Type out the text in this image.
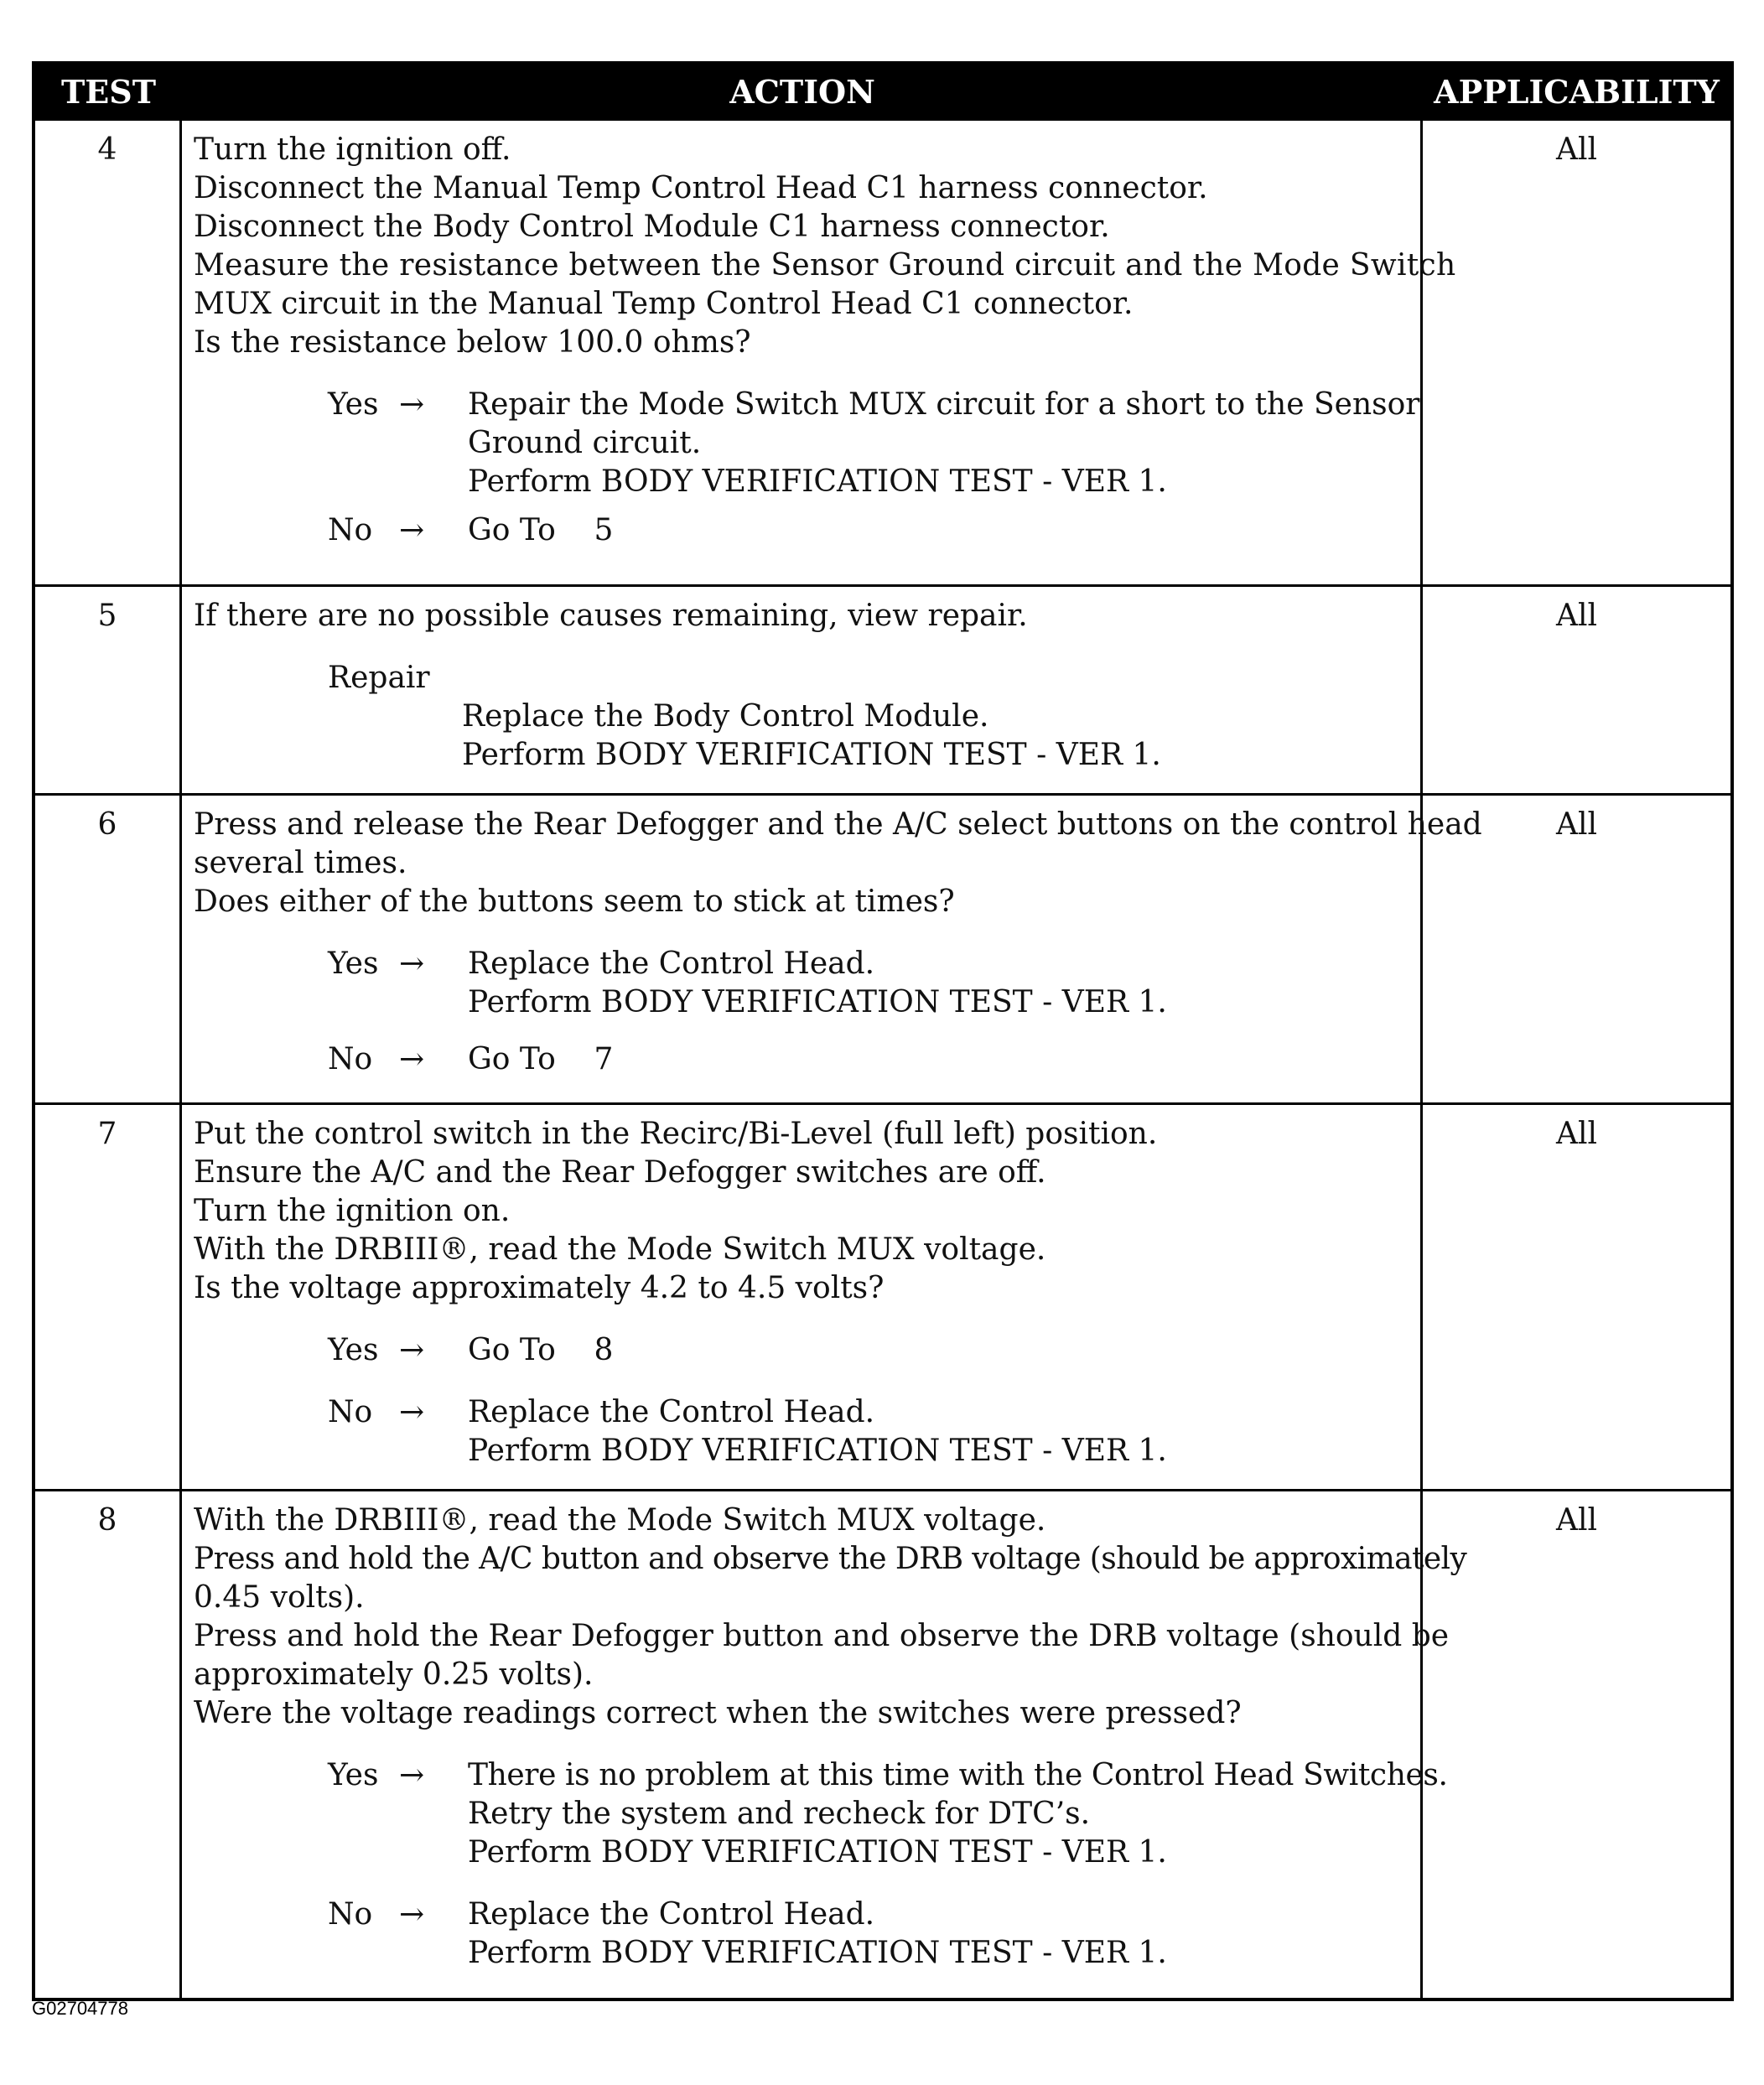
TEST	ACTION	APPLICABILITY
4	Turn the ignition off.
Disconnect the Manual Temp Control Head C1 harness connector.
Disconnect the Body Control Module C1 harness connector.
Measure the resistance between the Sensor Ground circuit and the Mode Switch
MUX circuit in the Manual Temp Control Head C1 connector.
Is the resistance below 100.0 ohms?
Yes →	Repair the Mode Switch MUX circuit for a short to the Sensor
Ground circuit.
Perform BODY VERIFICATION TEST - VER 1.
No →	Go To    5
All
5	If there are no possible causes remaining, view repair.
Repair
Replace the Body Control Module.
Perform BODY VERIFICATION TEST - VER 1.
All
6	Press and release the Rear Defogger and the A/C select buttons on the control head
several times.
Does either of the buttons seem to stick at times?
Yes →	Replace the Control Head.
Perform BODY VERIFICATION TEST - VER 1.
No →	Go To    7
All
7	Put the control switch in the Recirc/Bi-Level (full left) position.
Ensure the A/C and the Rear Defogger switches are off.
Turn the ignition on.
With the DRBIII®, read the Mode Switch MUX voltage.
Is the voltage approximately 4.2 to 4.5 volts?
Yes →	Go To    8
No →	Replace the Control Head.
Perform BODY VERIFICATION TEST - VER 1.
All
8	With the DRBIII®, read the Mode Switch MUX voltage.
Press and hold the A/C button and observe the DRB voltage (should be approximately
0.45 volts).
Press and hold the Rear Defogger button and observe the DRB voltage (should be
approximately 0.25 volts).
Were the voltage readings correct when the switches were pressed?
Yes →	There is no problem at this time with the Control Head Switches.
Retry the system and recheck for DTC’s.
Perform BODY VERIFICATION TEST - VER 1.
No →	Replace the Control Head.
Perform BODY VERIFICATION TEST - VER 1.
All
G02704778
